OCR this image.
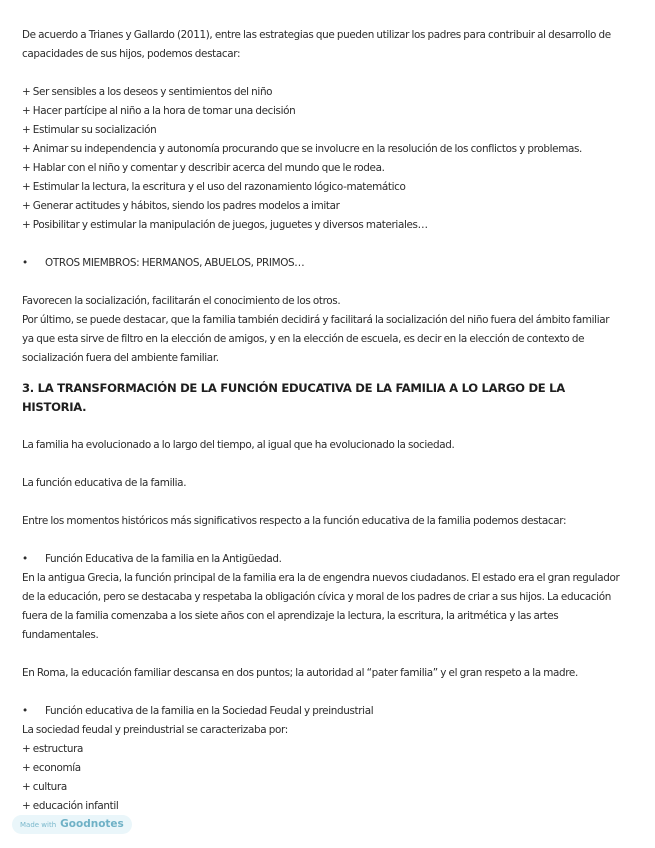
De acuerdo a Trianes y Gallardo (2011), entre las estrategias que pueden utilizar los padres para contribuir al desarrollo de capacidades de sus hijos, podemos destacar:

+ Ser sensibles a los deseos y sentimientos del niño

+ Hacer partícipe al niño a la hora de tomar una decisión

+ Estimular su socialización

+ Animar su independencia y autonomía procurando que se involucre en la resolución de los conflictos y problemas.

+ Hablar con el niño y comentar y describir acerca del mundo que le rodea.

+ Estimular la lectura, la escritura y el uso del razonamiento lógico-matemático

+ Generar actitudes y hábitos, siendo los padres modelos a imitar

+ Posibilitar y estimular la manipulación de juegos, juguetes y diversos materiales…

•	OTROS MIEMBROS: HERMANOS, ABUELOS, PRIMOS…

Favorecen la socialización, facilitarán el conocimiento de los otros.

Por último, se puede destacar, que la familia también decidirá y facilitará la socialización del niño fuera del ámbito familiar ya que esta sirve de filtro en la elección de amigos, y en la elección de escuela, es decir en la elección de contexto de socialización fuera del ambiente familiar.

3. LA TRANSFORMACIÓN DE LA FUNCIÓN EDUCATIVA DE LA FAMILIA A LO LARGO DE LA HISTORIA.

La familia ha evolucionado a lo largo del tiempo, al igual que ha evolucionado la sociedad.

La función educativa de la familia.

Entre los momentos históricos más significativos respecto a la función educativa de la familia podemos destacar:

•	Función Educativa de la familia en la Antigüedad.

En la antigua Grecia, la función principal de la familia era la de engendra nuevos ciudadanos. El estado era el gran regulador de la educación, pero se destacaba y respetaba la obligación cívica y moral de los padres de criar a sus hijos. La educación fuera de la familia comenzaba a los siete años con el aprendizaje la lectura, la escritura, la aritmética y las artes fundamentales.

En Roma, la educación familiar descansa en dos puntos; la autoridad al “pater familia” y el gran respeto a la madre.

•	Función educativa de la familia en la Sociedad Feudal y preindustrial

La sociedad feudal y preindustrial se caracterizaba por:

+ estructura

+ economía

+ cultura

+ educación infantil

Made with Goodnotes
